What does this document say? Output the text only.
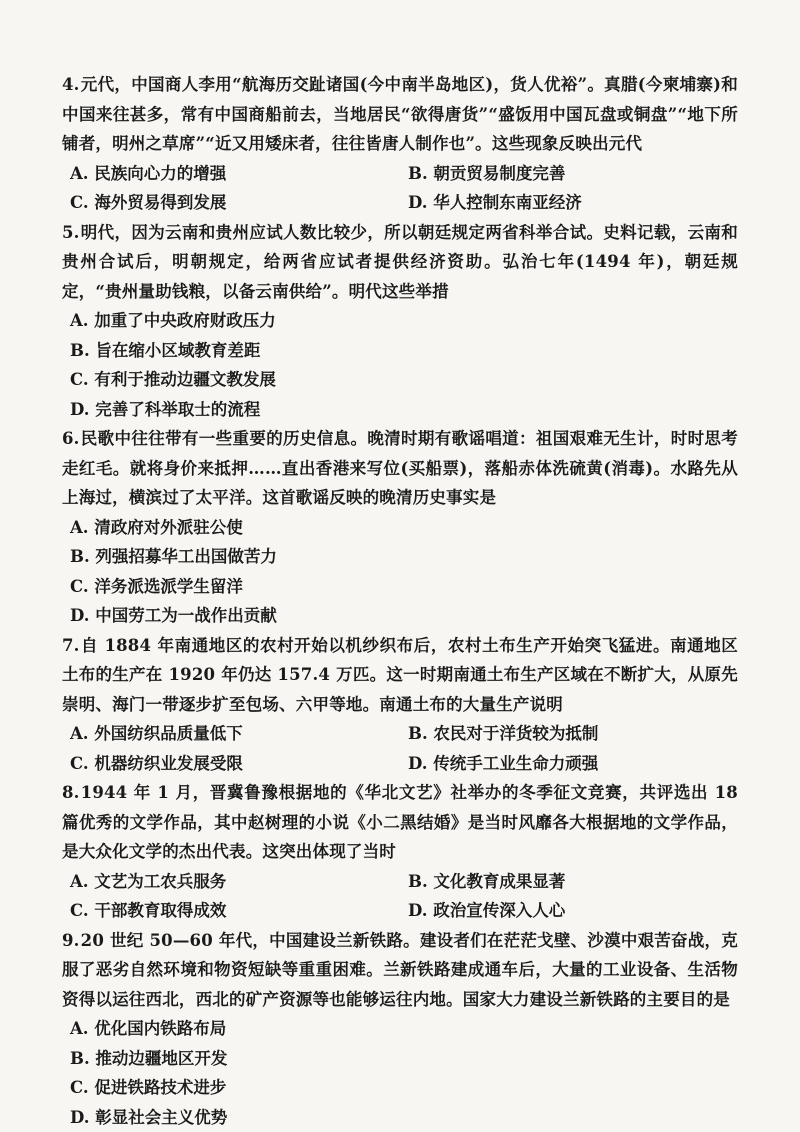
4.元代，中国商人李用“航海历交趾诸国(今中南半岛地区)，货人优裕”。真腊(今柬埔寨)和中国来往甚多，常有中国商船前去，当地居民“欲得唐货”“盛饭用中国瓦盘或铜盘”“地下所铺者，明州之草席”“近又用矮床者，往往皆唐人制作也”。这些现象反映出元代

A. 民族向心力的增强	B. 朝贡贸易制度完善
C. 海外贸易得到发展	D. 华人控制东南亚经济

5.明代，因为云南和贵州应试人数比较少，所以朝廷规定两省科举合试。史料记载，云南和贵州合试后，明朝规定，给两省应试者提供经济资助。弘治七年(1494 年)，朝廷规定，“贵州量助钱粮，以备云南供给”。明代这些举措

A. 加重了中央政府财政压力
B. 旨在缩小区域教育差距
C. 有利于推动边疆文教发展
D. 完善了科举取士的流程

6.民歌中往往带有一些重要的历史信息。晚清时期有歌谣唱道：祖国艰难无生计，时时思考走红毛。就将身价来抵押……直出香港来写位(买船票)，落船赤体洗硫黄(消毒)。水路先从上海过，横滨过了太平洋。这首歌谣反映的晚清历史事实是

A. 清政府对外派驻公使
B. 列强招募华工出国做苦力
C. 洋务派选派学生留洋
D. 中国劳工为一战作出贡献

7.自 1884 年南通地区的农村开始以机纱织布后，农村土布生产开始突飞猛进。南通地区土布的生产在 1920 年仍达 157.4 万匹。这一时期南通土布生产区域在不断扩大，从原先崇明、海门一带逐步扩至包场、六甲等地。南通土布的大量生产说明

A. 外国纺织品质量低下	B. 农民对于洋货较为抵制
C. 机器纺织业发展受限	D. 传统手工业生命力顽强

8.1944 年 1 月，晋冀鲁豫根据地的《华北文艺》社举办的冬季征文竞赛，共评选出 18 篇优秀的文学作品，其中赵树理的小说《小二黑结婚》是当时风靡各大根据地的文学作品，是大众化文学的杰出代表。这突出体现了当时

A. 文艺为工农兵服务	B. 文化教育成果显著
C. 干部教育取得成效	D. 政治宣传深入人心

9.20 世纪 50—60 年代，中国建设兰新铁路。建设者们在茫茫戈壁、沙漠中艰苦奋战，克服了恶劣自然环境和物资短缺等重重困难。兰新铁路建成通车后，大量的工业设备、生活物资得以运往西北，西北的矿产资源等也能够运往内地。国家大力建设兰新铁路的主要目的是

A. 优化国内铁路布局
B. 推动边疆地区开发
C. 促进铁路技术进步
D. 彰显社会主义优势
